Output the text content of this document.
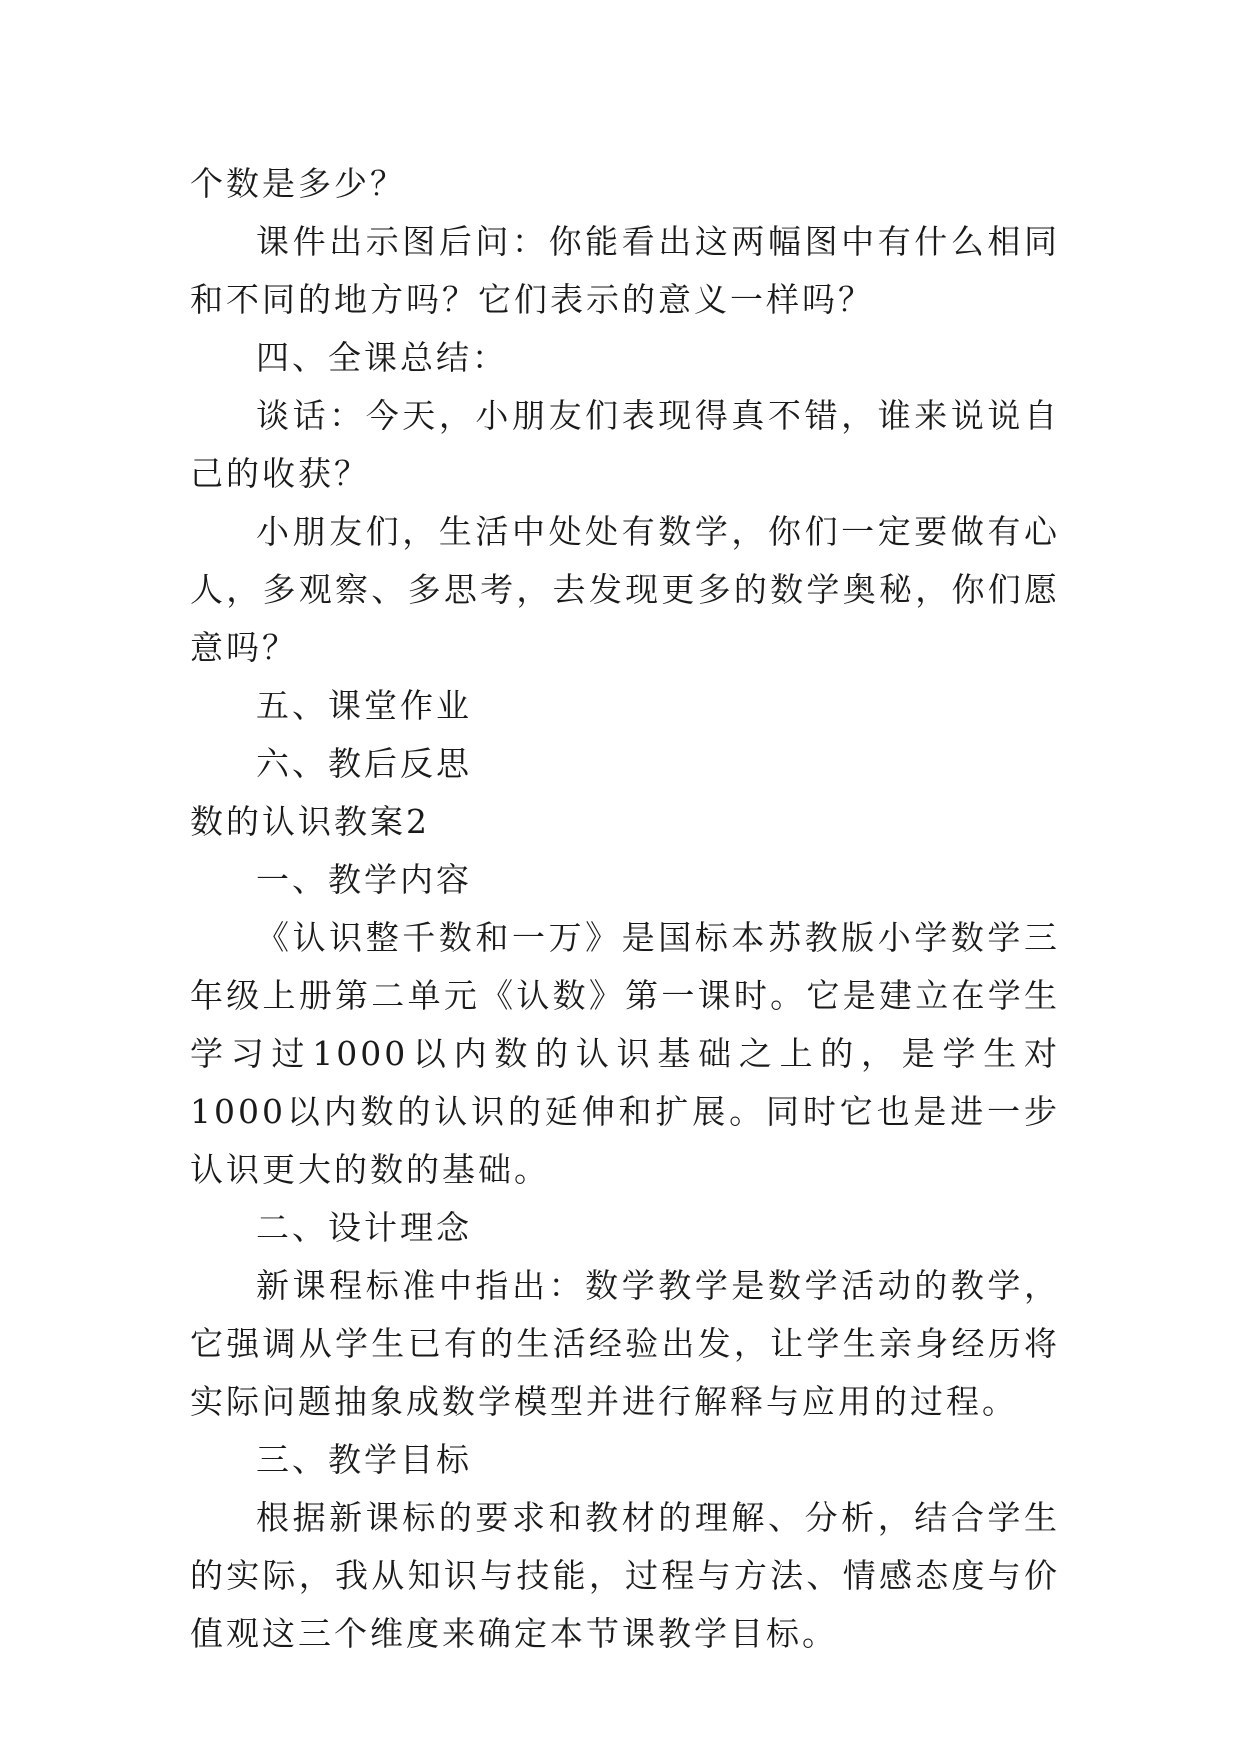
个数是多少？

课件出示图后问：你能看出这两幅图中有什么相同和不同的地方吗？它们表示的意义一样吗？

四、全课总结：

谈话：今天，小朋友们表现得真不错，谁来说说自己的收获？

小朋友们，生活中处处有数学，你们一定要做有心人，多观察、多思考，去发现更多的数学奥秘，你们愿意吗？

五、课堂作业

六、教后反思

数的认识教案2

一、教学内容

《认识整千数和一万》是国标本苏教版小学数学三年级上册第二单元《认数》第一课时。它是建立在学生学习过1000以内数的认识基础之上的，是学生对1000以内数的认识的延伸和扩展。同时它也是进一步认识更大的数的基础。

二、设计理念

新课程标准中指出：数学教学是数学活动的教学，它强调从学生已有的生活经验出发，让学生亲身经历将实际问题抽象成数学模型并进行解释与应用的过程。

三、教学目标

根据新课标的要求和教材的理解、分析，结合学生的实际，我从知识与技能，过程与方法、情感态度与价值观这三个维度来确定本节课教学目标。
